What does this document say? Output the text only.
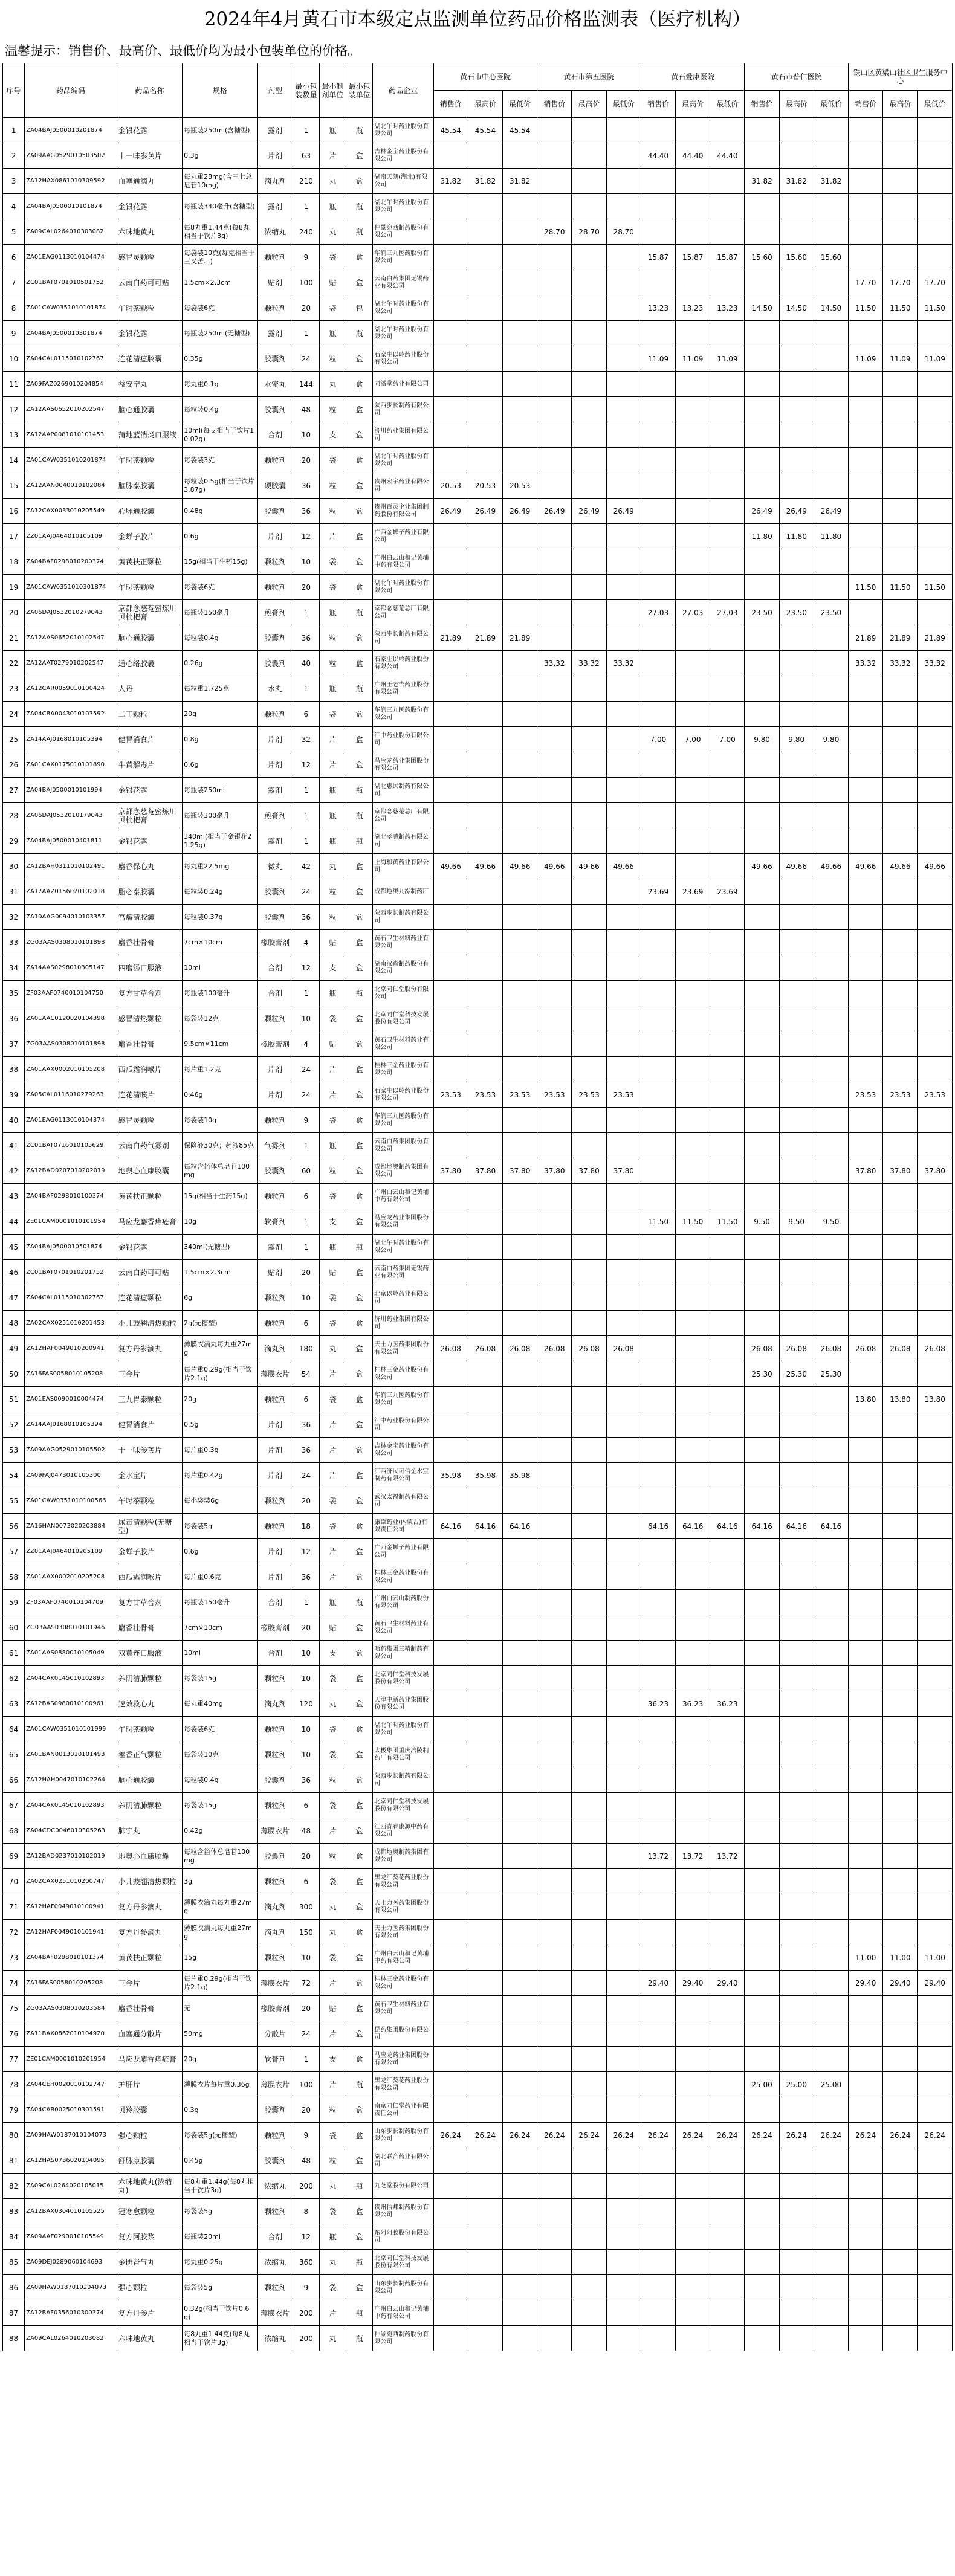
2024年4月黄石市本级定点监测单位药品价格监测表（医疗机构）
温馨提示：销售价、最高价、最低价均为最小包装单位的价格。
序号	药品编码	药品名称	规格	剂型	最小包装数量	最小制剂单位	最小包装单位	药品企业	黄石市中心医院			黄石市第五医院			黄石爱康医院			黄石市普仁医院			铁山区黄粱山社区卫生服务中心		
									销售价	最高价	最低价	销售价	最高价	最低价	销售价	最高价	最低价	销售价	最高价	最低价	销售价	最高价	最低价
1	ZA04BAJ0500010201874	金银花露	每瓶装250ml(含糖型)	露剂	1	瓶	瓶	湖北午时药业股份有限公司	45.54	45.54	45.54												
2	ZA09AAG0529010503502	十一味参芪片	0.3g	片剂	63	片	盒	吉林金宝药业股份有限公司							44.40	44.40	44.40						
3	ZA12HAX0861010309592	血塞通滴丸	每丸重28mg(含三七总皂苷10mg)	滴丸剂	210	丸	盒	湖南天朗(湖北)有限公司	31.82	31.82	31.82							31.82	31.82	31.82			
4	ZA04BAJ0500010101874	金银花露	每瓶装340毫升(含糖型)	露剂	1	瓶	瓶	湖北午时药业股份有限公司															
5	ZA09CAL0264010303082	六味地黄丸	每8丸重1.44克(每8丸相当于饮片3g)	浓缩丸	240	丸	瓶	仲景宛西制药股份有限公司				28.70	28.70	28.70									
6	ZA01EAG0113010104474	感冒灵颗粒	每袋装10克(每克相当于三叉苦...)	颗粒剂	9	袋	盒	华润三九医药股份有限公司							15.87	15.87	15.87	15.60	15.60	15.60			
7	ZC01BAT0701010501752	云南白药可可贴	1.5cm×2.3cm	贴剂	100	贴	盒	云南白药集团无锡药业有限公司													17.70	17.70	17.70
8	ZA01CAW0351010101874	午时茶颗粒	每袋装6克	颗粒剂	20	袋	包	湖北午时药业股份有限公司							13.23	13.23	13.23	14.50	14.50	14.50	11.50	11.50	11.50
9	ZA04BAJ0500010301874	金银花露	每瓶装250ml(无糖型)	露剂	1	瓶	瓶	湖北午时药业股份有限公司															
10	ZA04CAL0115010102767	连花清瘟胶囊	0.35g	胶囊剂	24	粒	盒	石家庄以岭药业股份有限公司							11.09	11.09	11.09				11.09	11.09	11.09
11	ZA09FAZ0269010204854	益安宁丸	每丸重0.1g	水蜜丸	144	丸	盒	同溢堂药业有限公司															
12	ZA12AAS0652010202547	脑心通胶囊	每粒装0.4g	胶囊剂	48	粒	盒	陕西步长制药有限公司															
13	ZA12AAP0081010101453	蒲地蓝消炎口服液	10ml(每支相当于饮片10.02g)	合剂	10	支	盒	济川药业集团有限公司															
14	ZA01CAW0351010201874	午时茶颗粒	每袋装3克	颗粒剂	20	袋	盒	湖北午时药业股份有限公司															
15	ZA12AAN0040010102084	脑脉泰胶囊	每粒装0.5g(相当于饮片3.87g)	硬胶囊	36	粒	盒	贵州宏宇药业有限公司	20.53	20.53	20.53												
16	ZA12CAX0033010205549	心脉通胶囊	0.48g	胶囊剂	36	粒	盒	贵州百灵企业集团制药股份有限公司	26.49	26.49	26.49	26.49	26.49	26.49				26.49	26.49	26.49			
17	ZZ01AAJ0464010105109	金蝉子胶片	0.6g	片剂	12	片	盒	广西金蝉子药业有限公司										11.80	11.80	11.80			
18	ZA04BAF0298010200374	黄芪扶正颗粒	15g(相当于生药15g)	颗粒剂	10	袋	盒	广州白云山和记黄埔中药有限公司															
19	ZA01CAW0351010301874	午时茶颗粒	每袋装6克	颗粒剂	20	袋	盒	湖北午时药业股份有限公司													11.50	11.50	11.50
20	ZA06DAJ0532010279043	京都念慈菴蜜炼川贝枇杷膏	每瓶装150毫升	煎膏剂	1	瓶	瓶	京都念慈菴总厂有限公司							27.03	27.03	27.03	23.50	23.50	23.50			
21	ZA12AAS0652010102547	脑心通胶囊	每粒装0.4g	胶囊剂	36	粒	盒	陕西步长制药有限公司	21.89	21.89	21.89										21.89	21.89	21.89
22	ZA12AAT0279010202547	通心络胶囊	0.26g	胶囊剂	40	粒	盒	石家庄以岭药业股份有限公司				33.32	33.32	33.32							33.32	33.32	33.32
23	ZA12CAR0059010100424	人丹	每粒重1.725克	水丸	1	瓶	瓶	广州王老吉药业股份有限公司															
24	ZA04CBA0043010103592	二丁颗粒	20g	颗粒剂	6	袋	盒	华润三九医药股份有限公司															
25	ZA14AAJ0168010105394	健胃消食片	0.8g	片剂	32	片	盒	江中药业股份有限公司							7.00	7.00	7.00	9.80	9.80	9.80			
26	ZA01CAX0175010101890	牛黄解毒片	0.6g	片剂	12	片	盒	马应龙药业集团股份有限公司															
27	ZA04BAJ0500010101994	金银花露	每瓶装250ml	露剂	1	瓶	瓶	湖北惠民制药有限公司															
28	ZA06DAJ0532010179043	京都念慈菴蜜炼川贝枇杷膏	每瓶装300毫升	煎膏剂	1	瓶	瓶	京都念慈菴总厂有限公司															
29	ZA04BAJ0500010401811	金银花露	340ml(相当于金银花21.25g)	露剂	1	瓶	瓶	湖北孝感制药有限公司															
30	ZA12BAH0311010102491	麝香保心丸	每丸重22.5mg	微丸	42	丸	盒	上海和黄药业有限公司	49.66	49.66	49.66	49.66	49.66	49.66				49.66	49.66	49.66	49.66	49.66	49.66
31	ZA17AAZ0156020102018	脂必泰胶囊	每粒装0.24g	胶囊剂	24	粒	盒	成都地奥九泓制药厂							23.69	23.69	23.69						
32	ZA10AAG0094010103357	宫瘤清胶囊	每粒装0.37g	胶囊剂	36	粒	盒	陕西步长制药有限公司															
33	ZG03AAS0308010101898	麝香壮骨膏	7cm×10cm	橡胶膏剂	4	贴	盒	黄石卫生材料药业有限公司															
34	ZA14AAS0298010305147	四磨汤口服液	10ml	合剂	12	支	盒	湖南汉森制药股份有限公司															
35	ZF03AAF0740010104750	复方甘草合剂	每瓶装100毫升	合剂	1	瓶	瓶	北京同仁堂股份有限公司															
36	ZA01AAC0120020104398	感冒清热颗粒	每袋装12克	颗粒剂	10	袋	盒	北京同仁堂科技发展股份有限公司															
37	ZG03AAS0308010101898	麝香壮骨膏	9.5cm×11cm	橡胶膏剂	4	贴	盒	黄石卫生材料药业有限公司															
38	ZA01AAX0002010105208	西瓜霜润喉片	每片重1.2克	片剂	24	片	盒	桂林三金药业股份有限公司															
39	ZA05CAL0116010279263	连花清咳片	0.46g	片剂	24	片	盒	石家庄以岭药业股份有限公司	23.53	23.53	23.53	23.53	23.53	23.53							23.53	23.53	23.53
40	ZA01EAG0113010104374	感冒灵颗粒	每袋装10g	颗粒剂	9	袋	盒	华润三九医药股份有限公司															
41	ZC01BAT0716010105629	云南白药气雾剂	保险液30克；药液85克	气雾剂	1	瓶	盒	云南白药集团股份有限公司															
42	ZA12BAD0207010202019	地奥心血康胶囊	每粒含甾体总皂苷100mg	胶囊剂	60	粒	盒	成都地奥制药集团有限公司	37.80	37.80	37.80	37.80	37.80	37.80							37.80	37.80	37.80
43	ZA04BAF0298010100374	黄芪扶正颗粒	15g(相当于生药15g)	颗粒剂	6	袋	盒	广州白云山和记黄埔中药有限公司															
44	ZE01CAM0001010101954	马应龙麝香痔疮膏	10g	软膏剂	1	支	盒	马应龙药业集团股份有限公司							11.50	11.50	11.50	9.50	9.50	9.50			
45	ZA04BAJ0500010501874	金银花露	340ml(无糖型)	露剂	1	瓶	瓶	湖北午时药业股份有限公司															
46	ZC01BAT0701010201752	云南白药可可贴	1.5cm×2.3cm	贴剂	20	贴	盒	云南白药集团无锡药业有限公司															
47	ZA04CAL0115010302767	连花清瘟颗粒	6g	颗粒剂	10	袋	盒	北京以岭药业有限公司															
48	ZA02CAX0251010201453	小儿豉翘清热颗粒	2g(无糖型)	颗粒剂	6	袋	盒	济川药业集团有限公司															
49	ZA12HAF0049010200941	复方丹参滴丸	薄膜衣滴丸每丸重27mg	滴丸剂	180	丸	盒	天士力医药集团股份有限公司	26.08	26.08	26.08	26.08	26.08	26.08				26.08	26.08	26.08	26.08	26.08	26.08
50	ZA16FAS0058010105208	三金片	每片重0.29g(相当于饮片2.1g)	薄膜衣片	54	片	盒	桂林三金药业股份有限公司										25.30	25.30	25.30			
51	ZA01EAS0090010004474	三九胃泰颗粒	20g	颗粒剂	6	袋	盒	华润三九医药股份有限公司													13.80	13.80	13.80
52	ZA14AAJ0168010105394	健胃消食片	0.5g	片剂	36	片	盒	江中药业股份有限公司															
53	ZA09AAG0529010105502	十一味参芪片	每片重0.3g	片剂	36	片	盒	吉林金宝药业股份有限公司															
54	ZA09FAJ0473010105300	金水宝片	每片重0.42g	片剂	24	片	盒	江西济民可信金水宝制药有限公司	35.98	35.98	35.98												
55	ZA01CAW0351010100566	午时茶颗粒	每小袋装6g	颗粒剂	20	袋	盒	武汉太福制药有限公司															
56	ZA16HAN0073020203884	尿毒清颗粒(无糖型)	每袋装5g	颗粒剂	18	袋	盒	康臣药业(内蒙古)有限责任公司	64.16	64.16	64.16				64.16	64.16	64.16	64.16	64.16	64.16			
57	ZZ01AAJ0464010205109	金蝉子胶片	0.6g	片剂	12	片	盒	广西金蝉子药业有限公司															
58	ZA01AAX0002010205208	西瓜霜润喉片	每片重0.6克	片剂	36	片	盒	桂林三金药业股份有限公司															
59	ZF03AAF0740010104709	复方甘草合剂	每瓶装150毫升	合剂	1	瓶	瓶	广州白云山制药股份有限公司															
60	ZG03AAS0308010101946	麝香壮骨膏	7cm×10cm	橡胶膏剂	20	贴	盒	黄石卫生材料药业有限公司															
61	ZA01AAS0880010105049	双黄连口服液	10ml	合剂	10	支	盒	哈药集团三精制药有限公司															
62	ZA04CAK0145010102893	养阴清肺颗粒	每袋装15g	颗粒剂	10	袋	盒	北京同仁堂科技发展股份有限公司															
63	ZA12BAS0980010100961	速效救心丸	每丸重40mg	滴丸剂	120	丸	盒	天津中新药业集团股份有限公司							36.23	36.23	36.23						
64	ZA01CAW0351010101999	午时茶颗粒	每袋装6克	颗粒剂	10	袋	盒	湖北午时药业股份有限公司															
65	ZA01BAN0013010101493	藿香正气颗粒	每袋装10克	颗粒剂	10	袋	盒	太极集团重庆涪陵制药厂有限公司															
66	ZA12HAH0047010102264	脑心通胶囊	每粒装0.4g	胶囊剂	36	粒	盒	陕西步长制药有限公司															
67	ZA04CAK0145010102893	养阴清肺颗粒	每袋装15g	颗粒剂	6	袋	盒	北京同仁堂科技发展股份有限公司															
68	ZA04CDC0046010305263	肺宁丸	0.42g	薄膜衣片	48	片	盒	江西青春康源中药有限公司															
69	ZA12BAD0237010102019	地奥心血康胶囊	每粒含甾体总皂苷100mg	胶囊剂	20	粒	盒	成都地奥制药集团有限公司							13.72	13.72	13.72						
70	ZA02CAX0251010200747	小儿豉翘清热颗粒	3g	颗粒剂	6	袋	盒	黑龙江葵花药业股份有限公司															
71	ZA12HAF0049010100941	复方丹参滴丸	薄膜衣滴丸每丸重27mg	滴丸剂	300	丸	盒	天士力医药集团股份有限公司															
72	ZA12HAF0049010101941	复方丹参滴丸	薄膜衣滴丸每丸重27mg	滴丸剂	150	丸	盒	天士力医药集团股份有限公司															
73	ZA04BAF0298010101374	黄芪扶正颗粒	15g	颗粒剂	10	袋	盒	广州白云山和记黄埔中药有限公司													11.00	11.00	11.00
74	ZA16FAS0058010205208	三金片	每片重0.29g(相当于饮片2.1g)	薄膜衣片	72	片	盒	桂林三金药业股份有限公司							29.40	29.40	29.40				29.40	29.40	29.40
75	ZG03AAS0308010203584	麝香壮骨膏	无	橡胶膏剂	20	贴	盒	黄石卫生材料药业有限公司															
76	ZA11BAX0862010104920	血塞通分散片	50mg	分散片	24	片	盒	昆药集团股份有限公司															
77	ZE01CAM0001010201954	马应龙麝香痔疮膏	20g	软膏剂	1	支	盒	马应龙药业集团股份有限公司															
78	ZA04CEH0020010102747	护肝片	薄膜衣片每片重0.36g	薄膜衣片	100	片	瓶	黑龙江葵花药业股份有限公司										25.00	25.00	25.00			
79	ZA04CAB0025010301591	贝羚胶囊	0.3g	胶囊剂	20	粒	盒	南京同仁堂药业有限责任公司															
80	ZA09HAW0187010104073	强心颗粒	每袋装5g(无糖型)	颗粒剂	9	袋	盒	山东步长制药股份有限公司	26.24	26.24	26.24	26.24	26.24	26.24	26.24	26.24	26.24	26.24	26.24	26.24	26.24	26.24	26.24
81	ZA12HAS0736020104095	舒脉康胶囊	0.45g	胶囊剂	48	粒	盒	湖北联合药业有限公司															
82	ZA09CAL0264020105015	六味地黄丸(浓缩丸)	每8丸重1.44g(每8丸相当于饮片3g)	浓缩丸	200	丸	瓶	九芝堂股份有限公司															
83	ZA12BAX0304010105525	冠寒愈颗粒	每袋装5g	颗粒剂	8	袋	盒	贵州信邦制药股份有限公司															
84	ZA09AAF0290010105549	复方阿胶浆	每瓶装20ml	合剂	12	瓶	盒	东阿阿胶股份有限公司															
85	ZA09DEJ0289060104693	金匮肾气丸	每丸重0.25g	浓缩丸	360	丸	瓶	北京同仁堂科技发展股份有限公司															
86	ZA09HAW0187010204073	强心颗粒	每袋装5g	颗粒剂	9	袋	盒	山东步长制药股份有限公司															
87	ZA12BAF0356010300374	复方丹参片	0.32g(相当于饮片0.6g)	薄膜衣片	200	片	瓶	广州白云山和记黄埔中药有限公司															
88	ZA09CAL0264010203082	六味地黄丸	每8丸重1.44克(每8丸相当于饮片3g)	浓缩丸	200	丸	瓶	仲景宛西制药股份有限公司															
